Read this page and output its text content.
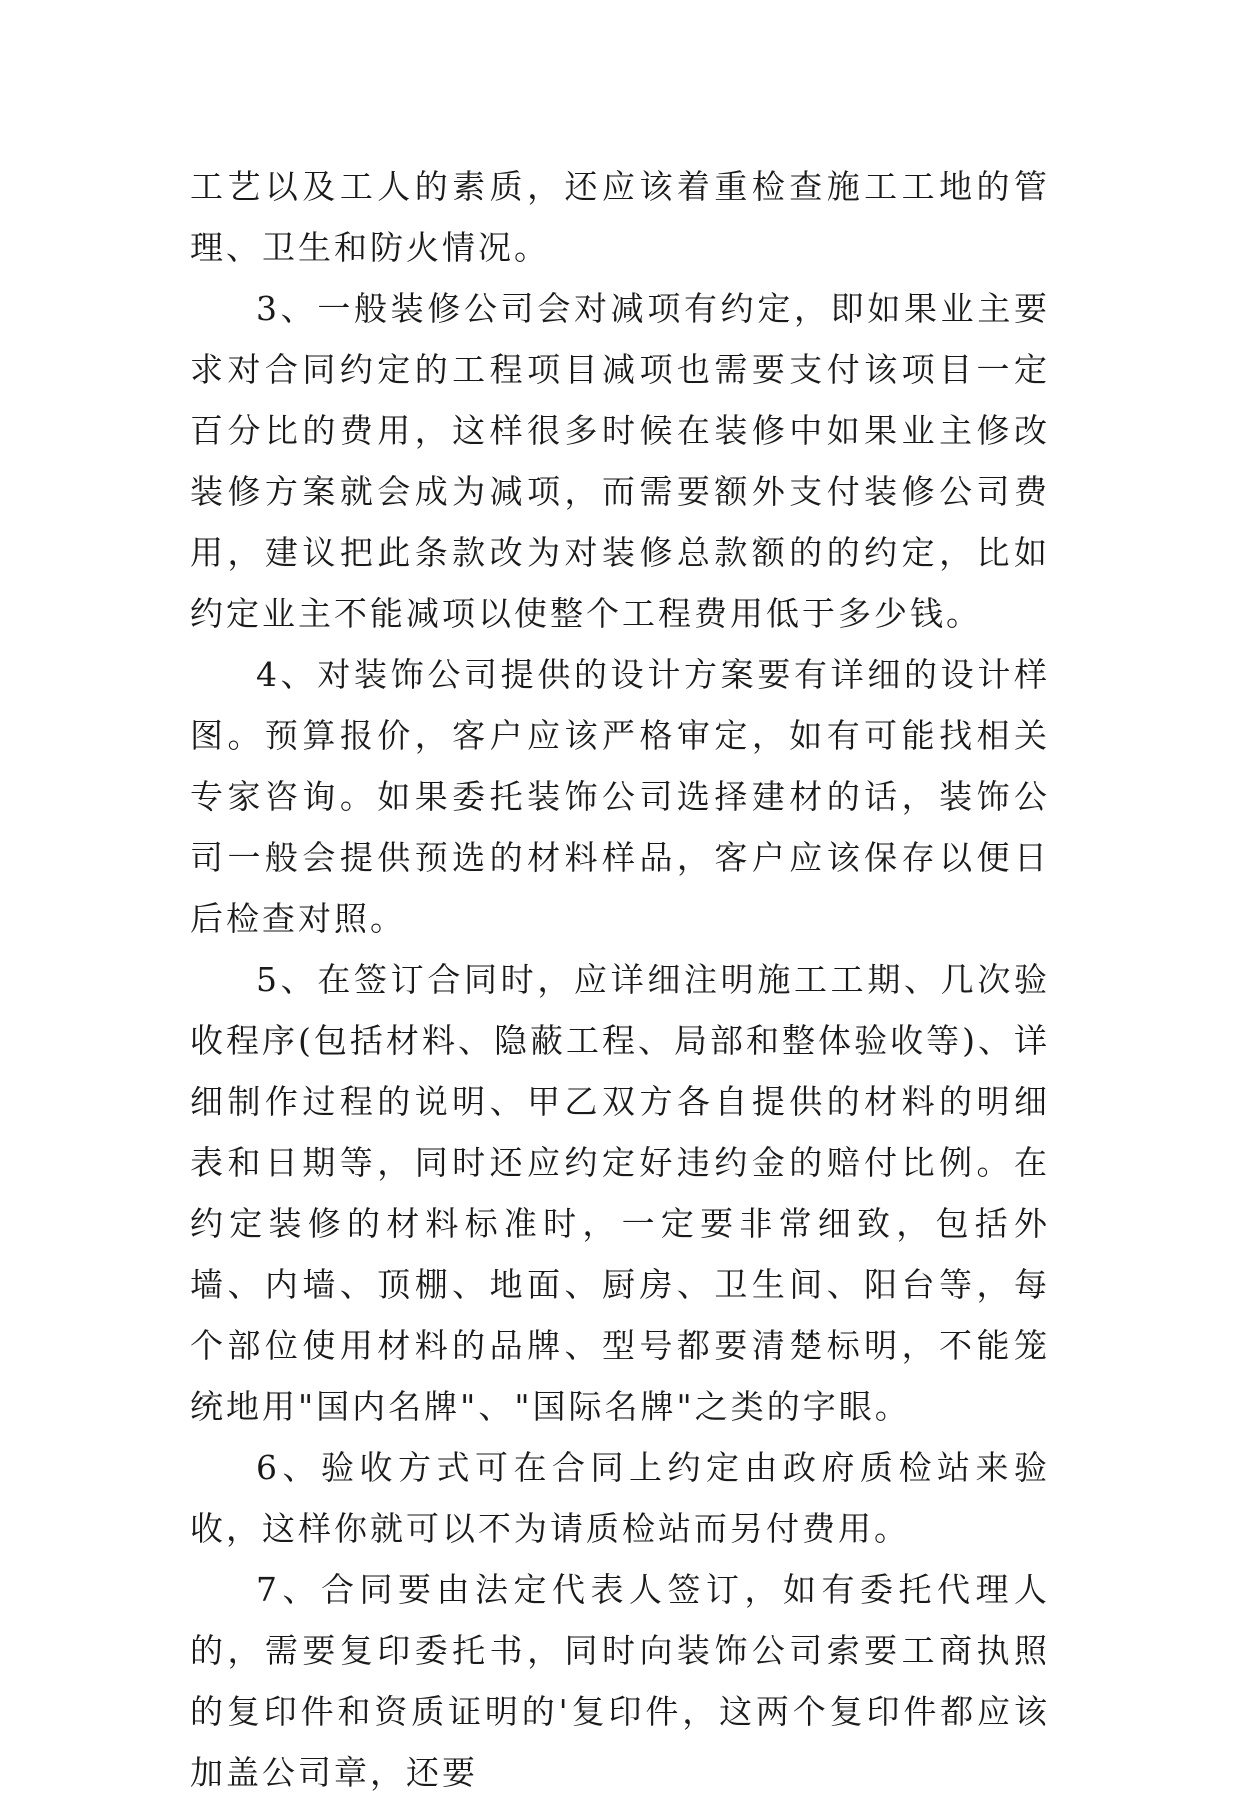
工艺以及工人的素质，还应该着重检查施工工地的管理、卫生和防火情况。

3、一般装修公司会对减项有约定，即如果业主要求对合同约定的工程项目减项也需要支付该项目一定百分比的费用，这样很多时候在装修中如果业主修改装修方案就会成为减项，而需要额外支付装修公司费用，建议把此条款改为对装修总款额的的约定，比如约定业主不能减项以使整个工程费用低于多少钱。

4、对装饰公司提供的设计方案要有详细的设计样图。预算报价，客户应该严格审定，如有可能找相关专家咨询。如果委托装饰公司选择建材的话，装饰公司一般会提供预选的材料样品，客户应该保存以便日后检查对照。

5、在签订合同时，应详细注明施工工期、几次验收程序(包括材料、隐蔽工程、局部和整体验收等)、详细制作过程的说明、甲乙双方各自提供的材料的明细表和日期等，同时还应约定好违约金的赔付比例。在约定装修的材料标准时，一定要非常细致，包括外墙、内墙、顶棚、地面、厨房、卫生间、阳台等，每个部位使用材料的品牌、型号都要清楚标明，不能笼统地用"国内名牌"、"国际名牌"之类的字眼。

6、验收方式可在合同上约定由政府质检站来验收，这样你就可以不为请质检站而另付费用。

7、合同要由法定代表人签订，如有委托代理人的，需要复印委托书，同时向装饰公司索要工商执照的复印件和资质证明的'复印件，这两个复印件都应该加盖公司章，还要
